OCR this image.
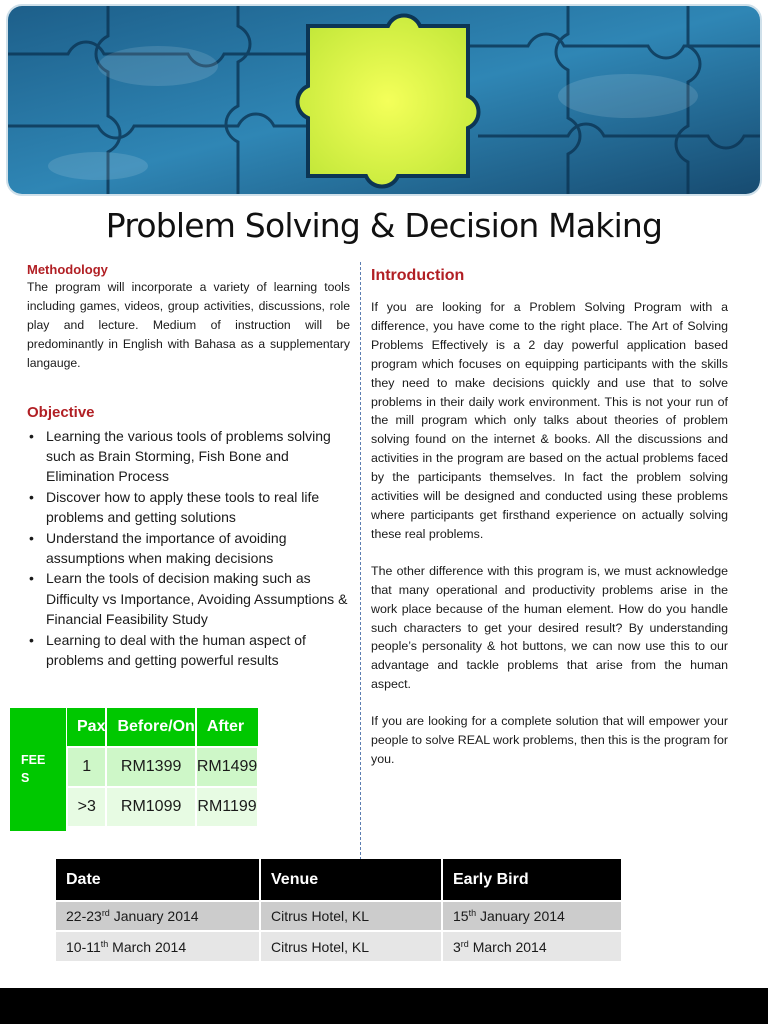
Problem Solving & Decision Making
Methodology

The program will incorporate a variety of learning tools including games, videos, group activities, discussions, role play and lecture. Medium of instruction will be predominantly in English with Bahasa as a supplementary langauge.

Objective
• Learning the various tools of problems solving such as Brain Storming, Fish Bone and Elimination Process
• Discover how to apply these tools to real life problems and getting solutions
• Understand the importance of avoiding assumptions when making decisions
• Learn the tools of decision making such as Difficulty vs Importance, Avoiding Assumptions & Financial Feasibility Study
• Learning to deal with the human aspect of problems and getting powerful results
Introduction

If you are looking for a Problem Solving Program with a difference, you have come to the right place. The Art of Solving Problems Effectively is a 2 day powerful application based program which focuses on equipping participants with the skills they need to make decisions quickly and use that to solve problems in their daily work environment. This is not your run of the mill program which only talks about theories of problem solving found on the internet & books. All the discussions and activities in the program are based on the actual problems faced by the participants themselves. In fact the problem solving activities will be designed and conducted using these problems where participants get firsthand experience on actually solving these real problems.

The other difference with this program is, we must acknowledge that many operational and productivity problems arise in the work place because of the human element. How do you handle such characters to get your desired result? By understanding people’s personality & hot buttons, we can now use this to our advantage and tackle problems that arise from the human aspect.

If you are looking for a complete solution that will empower your people to solve REAL work problems, then this is the program for you.

FEE
S
Pax	Before/On	After
1	RM1399	RM1499
>3	RM1099	RM1199
Date	Venue	Early Bird
22-23rd January 2014	Citrus Hotel, KL	15th January 2014
10-11th March 2014	Citrus Hotel, KL	3rd March 2014
